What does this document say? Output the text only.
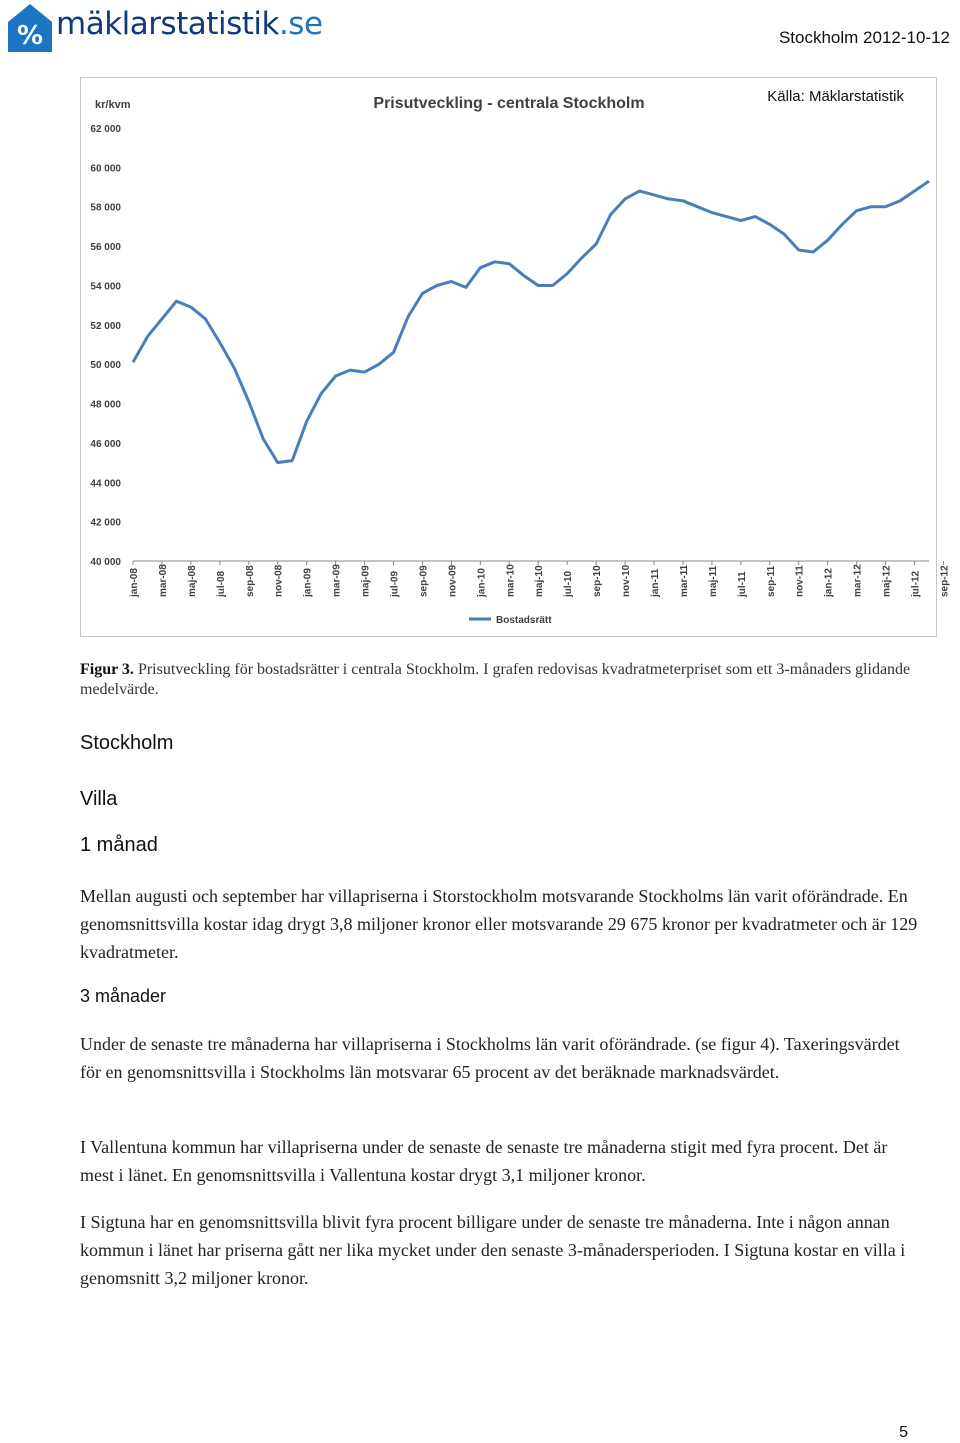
% mäklarstatistik.se	Stockholm 2012-10-12
Prisutveckling - centrala Stockholm
kr/kvm
40 000
42 000
44 000
46 000
48 000
50 000
52 000
54 000
56 000
58 000
60 000
62 000
jan-08 mar-08 maj-08 jul-08 sep-08 nov-08 jan-09 mar-09 maj-09 jul-09 sep-09 nov-09 jan-10 mar-10 maj-10 jul-10 sep-10 nov-10 jan-11 mar-11 maj-11 jul-11 sep-11 nov-11 jan-12 mar-12 maj-12 jul-12 sep-12
Bostadsrätt
Källa: Mäklarstatistik
Figur 3. Prisutveckling för bostadsrätter i centrala Stockholm. I grafen redovisas kvadratmeterpriset som ett 3-månaders glidande medelvärde.
Stockholm
Villa
1 månad
Mellan augusti och september har villapriserna i Storstockholm motsvarande Stockholms län varit oförändrade. En genomsnittsvilla kostar idag drygt 3,8 miljoner kronor eller motsvarande 29 675 kronor per kvadratmeter och är 129 kvadratmeter.
3 månader
Under de senaste tre månaderna har villapriserna i Stockholms län varit oförändrade. (se figur 4). Taxeringsvärdet för en genomsnittsvilla i Stockholms län motsvarar 65 procent av det beräknade marknadsvärdet.
I Vallentuna kommun har villapriserna under de senaste de senaste tre månaderna stigit med fyra procent. Det är mest i länet. En genomsnittsvilla i Vallentuna kostar drygt 3,1 miljoner kronor.
I Sigtuna har en genomsnittsvilla blivit fyra procent billigare under de senaste tre månaderna. Inte i någon annan kommun i länet har priserna gått ner lika mycket under den senaste 3-månadersperioden. I Sigtuna kostar en villa i genomsnitt 3,2 miljoner kronor.
5
